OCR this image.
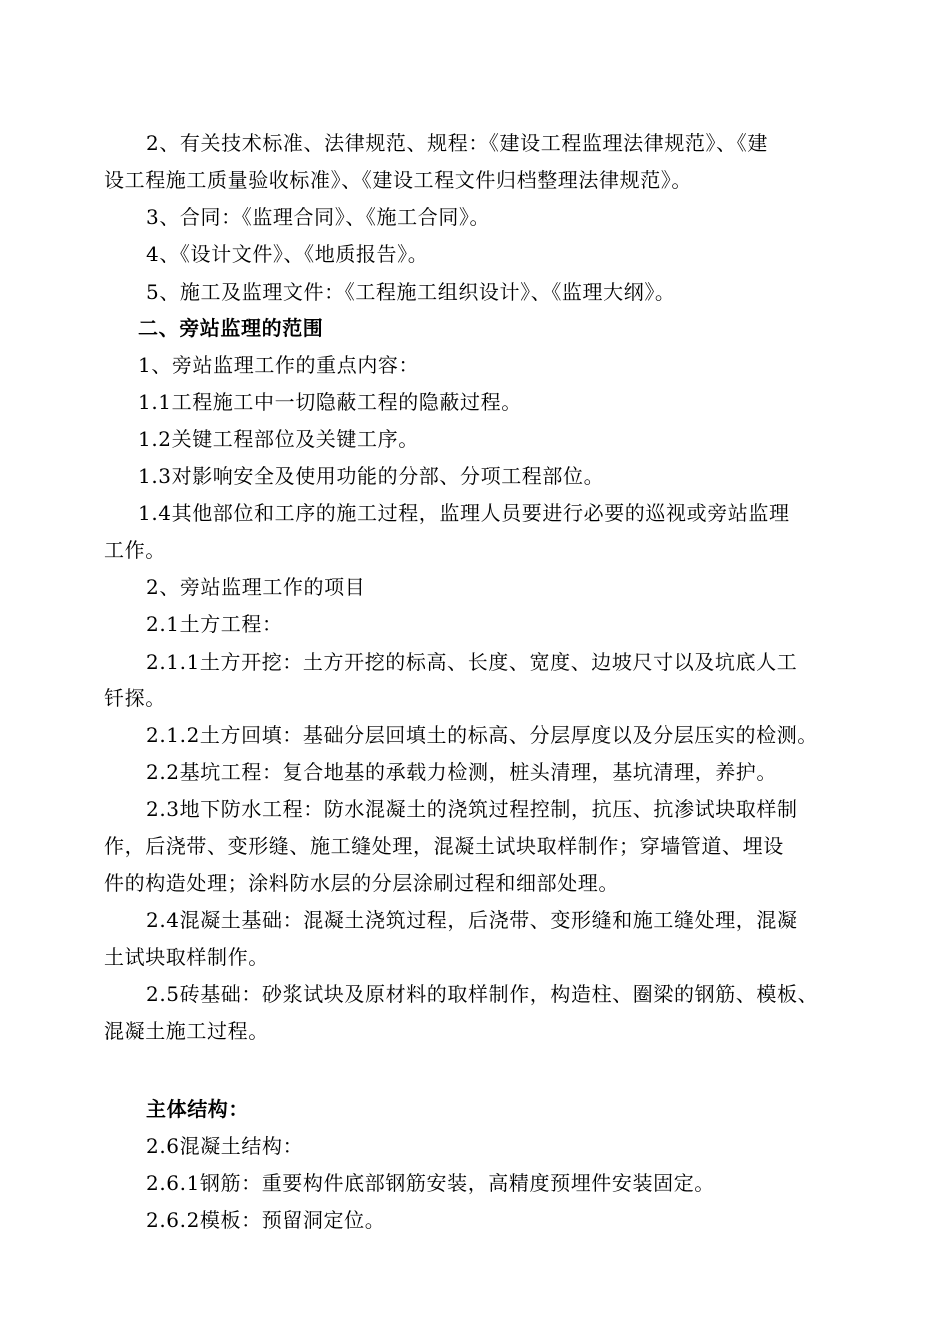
2、有关技术标准、法律规范、规程：《建设工程监理法律规范》、《建
设工程施工质量验收标准》、《建设工程文件归档整理法律规范》。
3、合同：《监理合同》、《施工合同》。
4、《设计文件》、《地质报告》。
5、施工及监理文件：《工程施工组织设计》、《监理大纲》。
二、旁站监理的范围
1、旁站监理工作的重点内容：
1.1工程施工中一切隐蔽工程的隐蔽过程。
1.2关键工程部位及关键工序。
1.3对影响安全及使用功能的分部、分项工程部位。
1.4其他部位和工序的施工过程，监理人员要进行必要的巡视或旁站监理
工作。
2、旁站监理工作的项目
2.1土方工程：
2.1.1土方开挖：土方开挖的标高、长度、宽度、边坡尺寸以及坑底人工
钎探。
2.1.2土方回填：基础分层回填土的标高、分层厚度以及分层压实的检测。
2.2基坑工程：复合地基的承载力检测，桩头清理，基坑清理，养护。
2.3地下防水工程：防水混凝土的浇筑过程控制，抗压、抗渗试块取样制
作，后浇带、变形缝、施工缝处理，混凝土试块取样制作；穿墙管道、埋设
件的构造处理；涂料防水层的分层涂刷过程和细部处理。
2.4混凝土基础：混凝土浇筑过程，后浇带、变形缝和施工缝处理，混凝
土试块取样制作。
2.5砖基础：砂浆试块及原材料的取样制作，构造柱、圈梁的钢筋、模板、
混凝土施工过程。
主体结构：
2.6混凝土结构：
2.6.1钢筋：重要构件底部钢筋安装，高精度预埋件安装固定。
2.6.2模板：预留洞定位。
